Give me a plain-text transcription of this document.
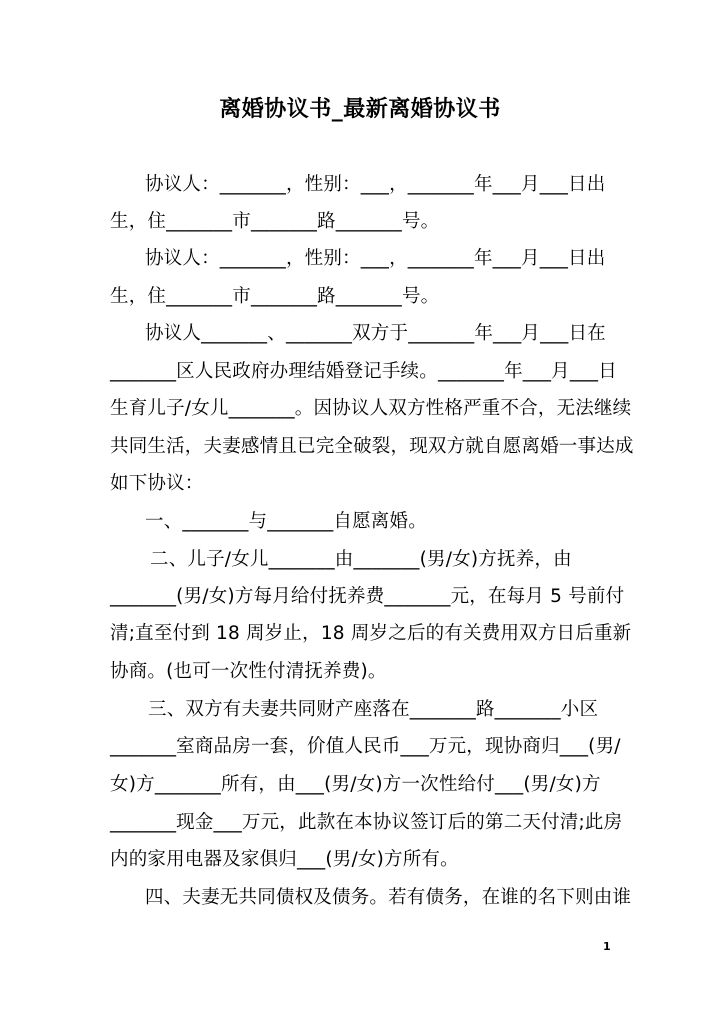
离婚协议书_最新离婚协议书
协议人：_______，性别：___，_______年___月___日出
生，住_______市_______路_______号。
协议人：_______，性别：___，_______年___月___日出
生，住_______市_______路_______号。
协议人_______、_______双方于_______年___月___日在
_______区人民政府办理结婚登记手续。_______年___月___日
生育儿子/女儿_______。因协议人双方性格严重不合，无法继续
共同生活，夫妻感情且已完全破裂，现双方就自愿离婚一事达成
如下协议：
一、_______与_______自愿离婚。
二、儿子/女儿_______由_______(男/女)方抚养，由
_______(男/女)方每月给付抚养费_______元，在每月 5 号前付
清;直至付到 18 周岁止，18 周岁之后的有关费用双方日后重新
协商。(也可一次性付清抚养费)。
三、双方有夫妻共同财产座落在_______路_______小区
_______室商品房一套，价值人民币___万元，现协商归___(男/
女)方_______所有，由___(男/女)方一次性给付___(男/女)方
_______现金___万元，此款在本协议签订后的第二天付清;此房
内的家用电器及家俱归___(男/女)方所有。
四、夫妻无共同债权及债务。若有债务，在谁的名下则由谁
1
